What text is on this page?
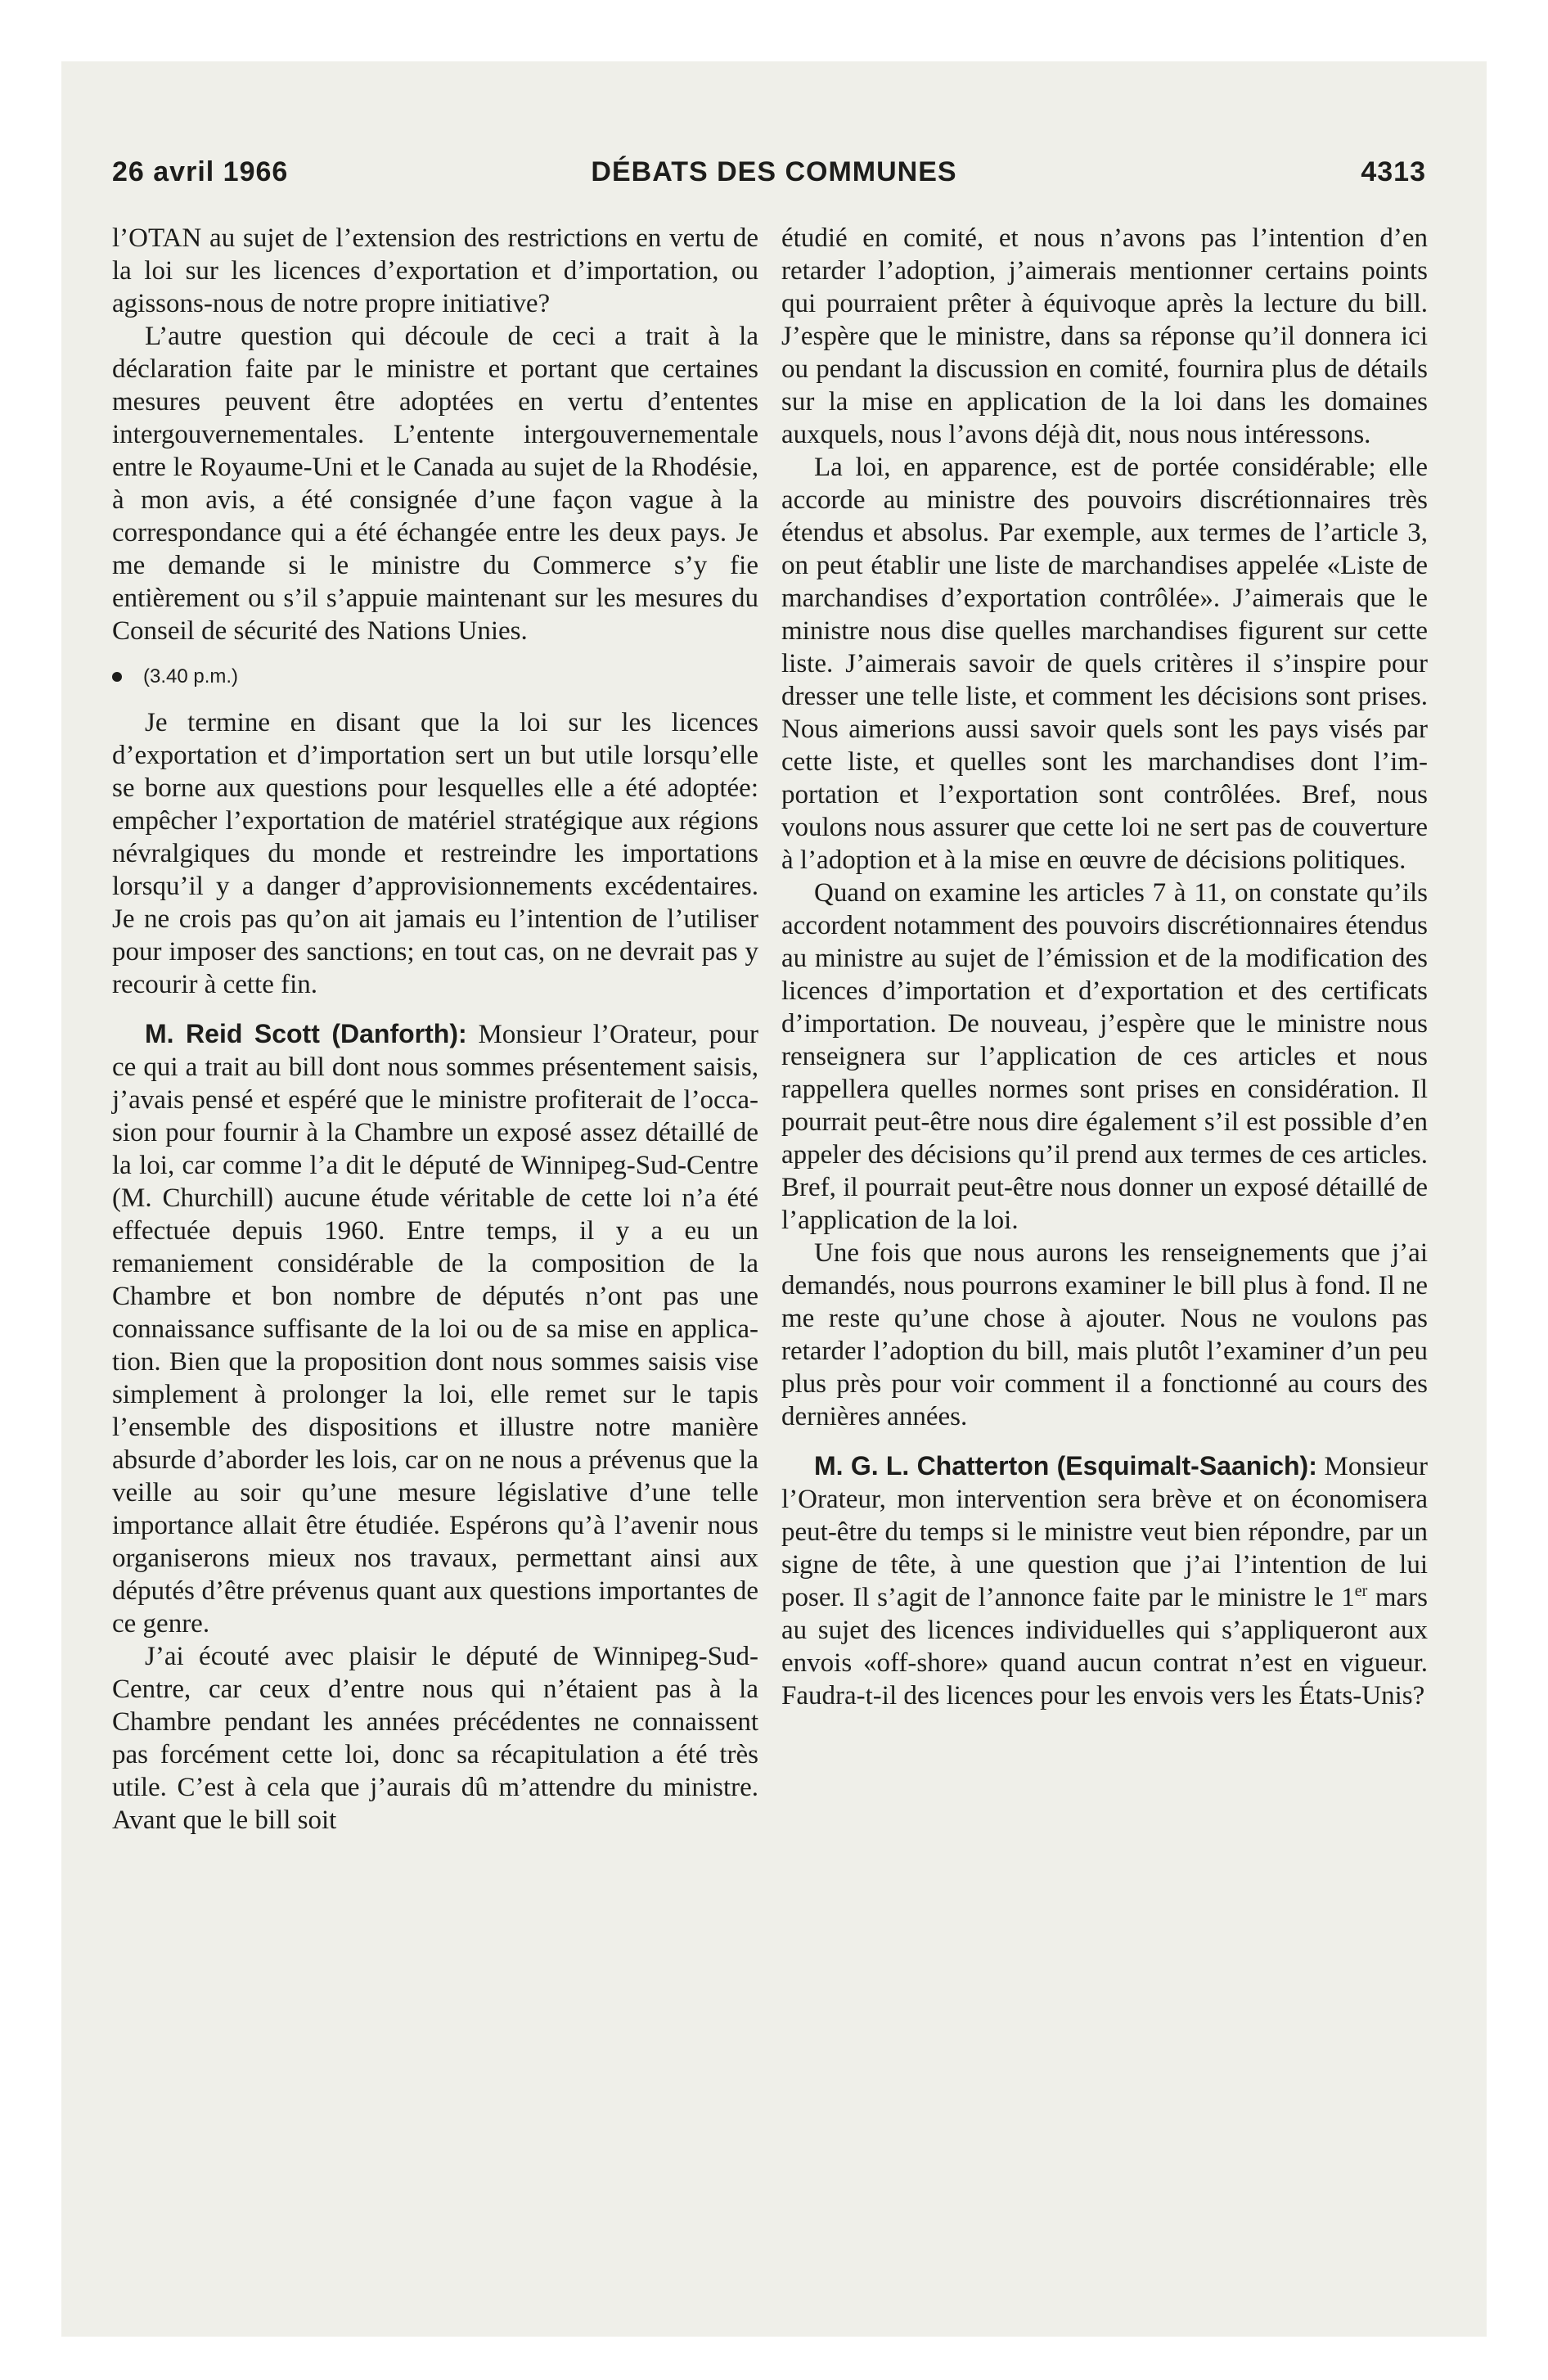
26 avril 1966	DÉBATS DES COMMUNES	4313

l’OTAN au sujet de l’extension des restrictions en vertu de la loi sur les licences d’exportation et d’importation, ou agissons-nous de notre propre initiative?

L’autre question qui découle de ceci a trait à la déclaration faite par le ministre et portant que certaines mesures peuvent être adoptées en vertu d’ententes intergouvernementales. L’entente intergouvernementale entre le Royaume-Uni et le Canada au sujet de la Rhodésie, à mon avis, a été consignée d’une façon vague à la correspondance qui a été échangée entre les deux pays. Je me demande si le ministre du Commerce s’y fie entièrement ou s’il s’appuie maintenant sur les mesures du Conseil de sécurité des Nations Unies.

(3.40 p.m.)

Je termine en disant que la loi sur les licences d’exportation et d’importation sert un but utile lorsqu’elle se borne aux questions pour lesquelles elle a été adoptée: empêcher l’exportation de matériel stratégique aux régions névralgiques du monde et restreindre les importations lorsqu’il y a danger d’approvisionnements excédentaires. Je ne crois pas qu’on ait jamais eu l’intention de l’utiliser pour imposer des sanctions; en tout cas, on ne devrait pas y recourir à cette fin.

M. Reid Scott (Danforth): Monsieur l’Orateur, pour ce qui a trait au bill dont nous sommes présentement saisis, j’avais pensé et espéré que le ministre profiterait de l’occasion pour fournir à la Chambre un exposé assez détaillé de la loi, car comme l’a dit le député de Winnipeg-Sud-Centre (M. Churchill) aucune étude véritable de cette loi n’a été effectuée depuis 1960. Entre temps, il y a eu un remaniement considérable de la composition de la Chambre et bon nombre de députés n’ont pas une connaissance suffisante de la loi ou de sa mise en application. Bien que la proposition dont nous sommes saisis vise simplement à prolonger la loi, elle remet sur le tapis l’ensemble des dispositions et illustre notre manière absurde d’aborder les lois, car on ne nous a prévenus que la veille au soir qu’une mesure législative d’une telle importance allait être étudiée. Espérons qu’à l’avenir nous organiserons mieux nos travaux, permettant ainsi aux députés d’être prévenus quant aux questions importantes de ce genre.

J’ai écouté avec plaisir le député de Winnipeg-Sud-Centre, car ceux d’entre nous qui n’étaient pas à la Chambre pendant les années précédentes ne connaissent pas forcément cette loi, donc sa récapitulation a été très utile. C’est à cela que j’aurais dû m’attendre du ministre. Avant que le bill soit

étudié en comité, et nous n’avons pas l’intention d’en retarder l’adoption, j’aimerais mentionner certains points qui pourraient prêter à équivoque après la lecture du bill. J’espère que le ministre, dans sa réponse qu’il donnera ici ou pendant la discussion en comité, fournira plus de détails sur la mise en application de la loi dans les domaines auxquels, nous l’avons déjà dit, nous nous intéressons.

La loi, en apparence, est de portée considérable; elle accorde au ministre des pouvoirs discrétionnaires très étendus et absolus. Par exemple, aux termes de l’article 3, on peut établir une liste de marchandises appelée «Liste de marchandises d’exportation contrôlée». J’aimerais que le ministre nous dise quelles marchandises figurent sur cette liste. J’aimerais savoir de quels critères il s’inspire pour dresser une telle liste, et comment les décisions sont prises. Nous aimerions aussi savoir quels sont les pays visés par cette liste, et quelles sont les marchandises dont l’importation et l’exportation sont contrôlées. Bref, nous voulons nous assurer que cette loi ne sert pas de couverture à l’adoption et à la mise en œuvre de décisions politiques.

Quand on examine les articles 7 à 11, on constate qu’ils accordent notamment des pouvoirs discrétionnaires étendus au ministre au sujet de l’émission et de la modification des licences d’importation et d’exportation et des certificats d’importation. De nouveau, j’espère que le ministre nous renseignera sur l’application de ces articles et nous rappellera quelles normes sont prises en considération. Il pourrait peut-être nous dire également s’il est possible d’en appeler des décisions qu’il prend aux termes de ces articles. Bref, il pourrait peut-être nous donner un exposé détaillé de l’application de la loi.

Une fois que nous aurons les renseignements que j’ai demandés, nous pourrons examiner le bill plus à fond. Il ne me reste qu’une chose à ajouter. Nous ne voulons pas retarder l’adoption du bill, mais plutôt l’examiner d’un peu plus près pour voir comment il a fonctionné au cours des dernières années.

M. G. L. Chatterton (Esquimalt-Saanich): Monsieur l’Orateur, mon intervention sera brève et on économisera peut-être du temps si le ministre veut bien répondre, par un signe de tête, à une question que j’ai l’intention de lui poser. Il s’agit de l’annonce faite par le ministre le 1er mars au sujet des licences individuelles qui s’appliqueront aux envois «off-shore» quand aucun contrat n’est en vigueur. Faudra-t-il des licences pour les envois vers les États-Unis?
